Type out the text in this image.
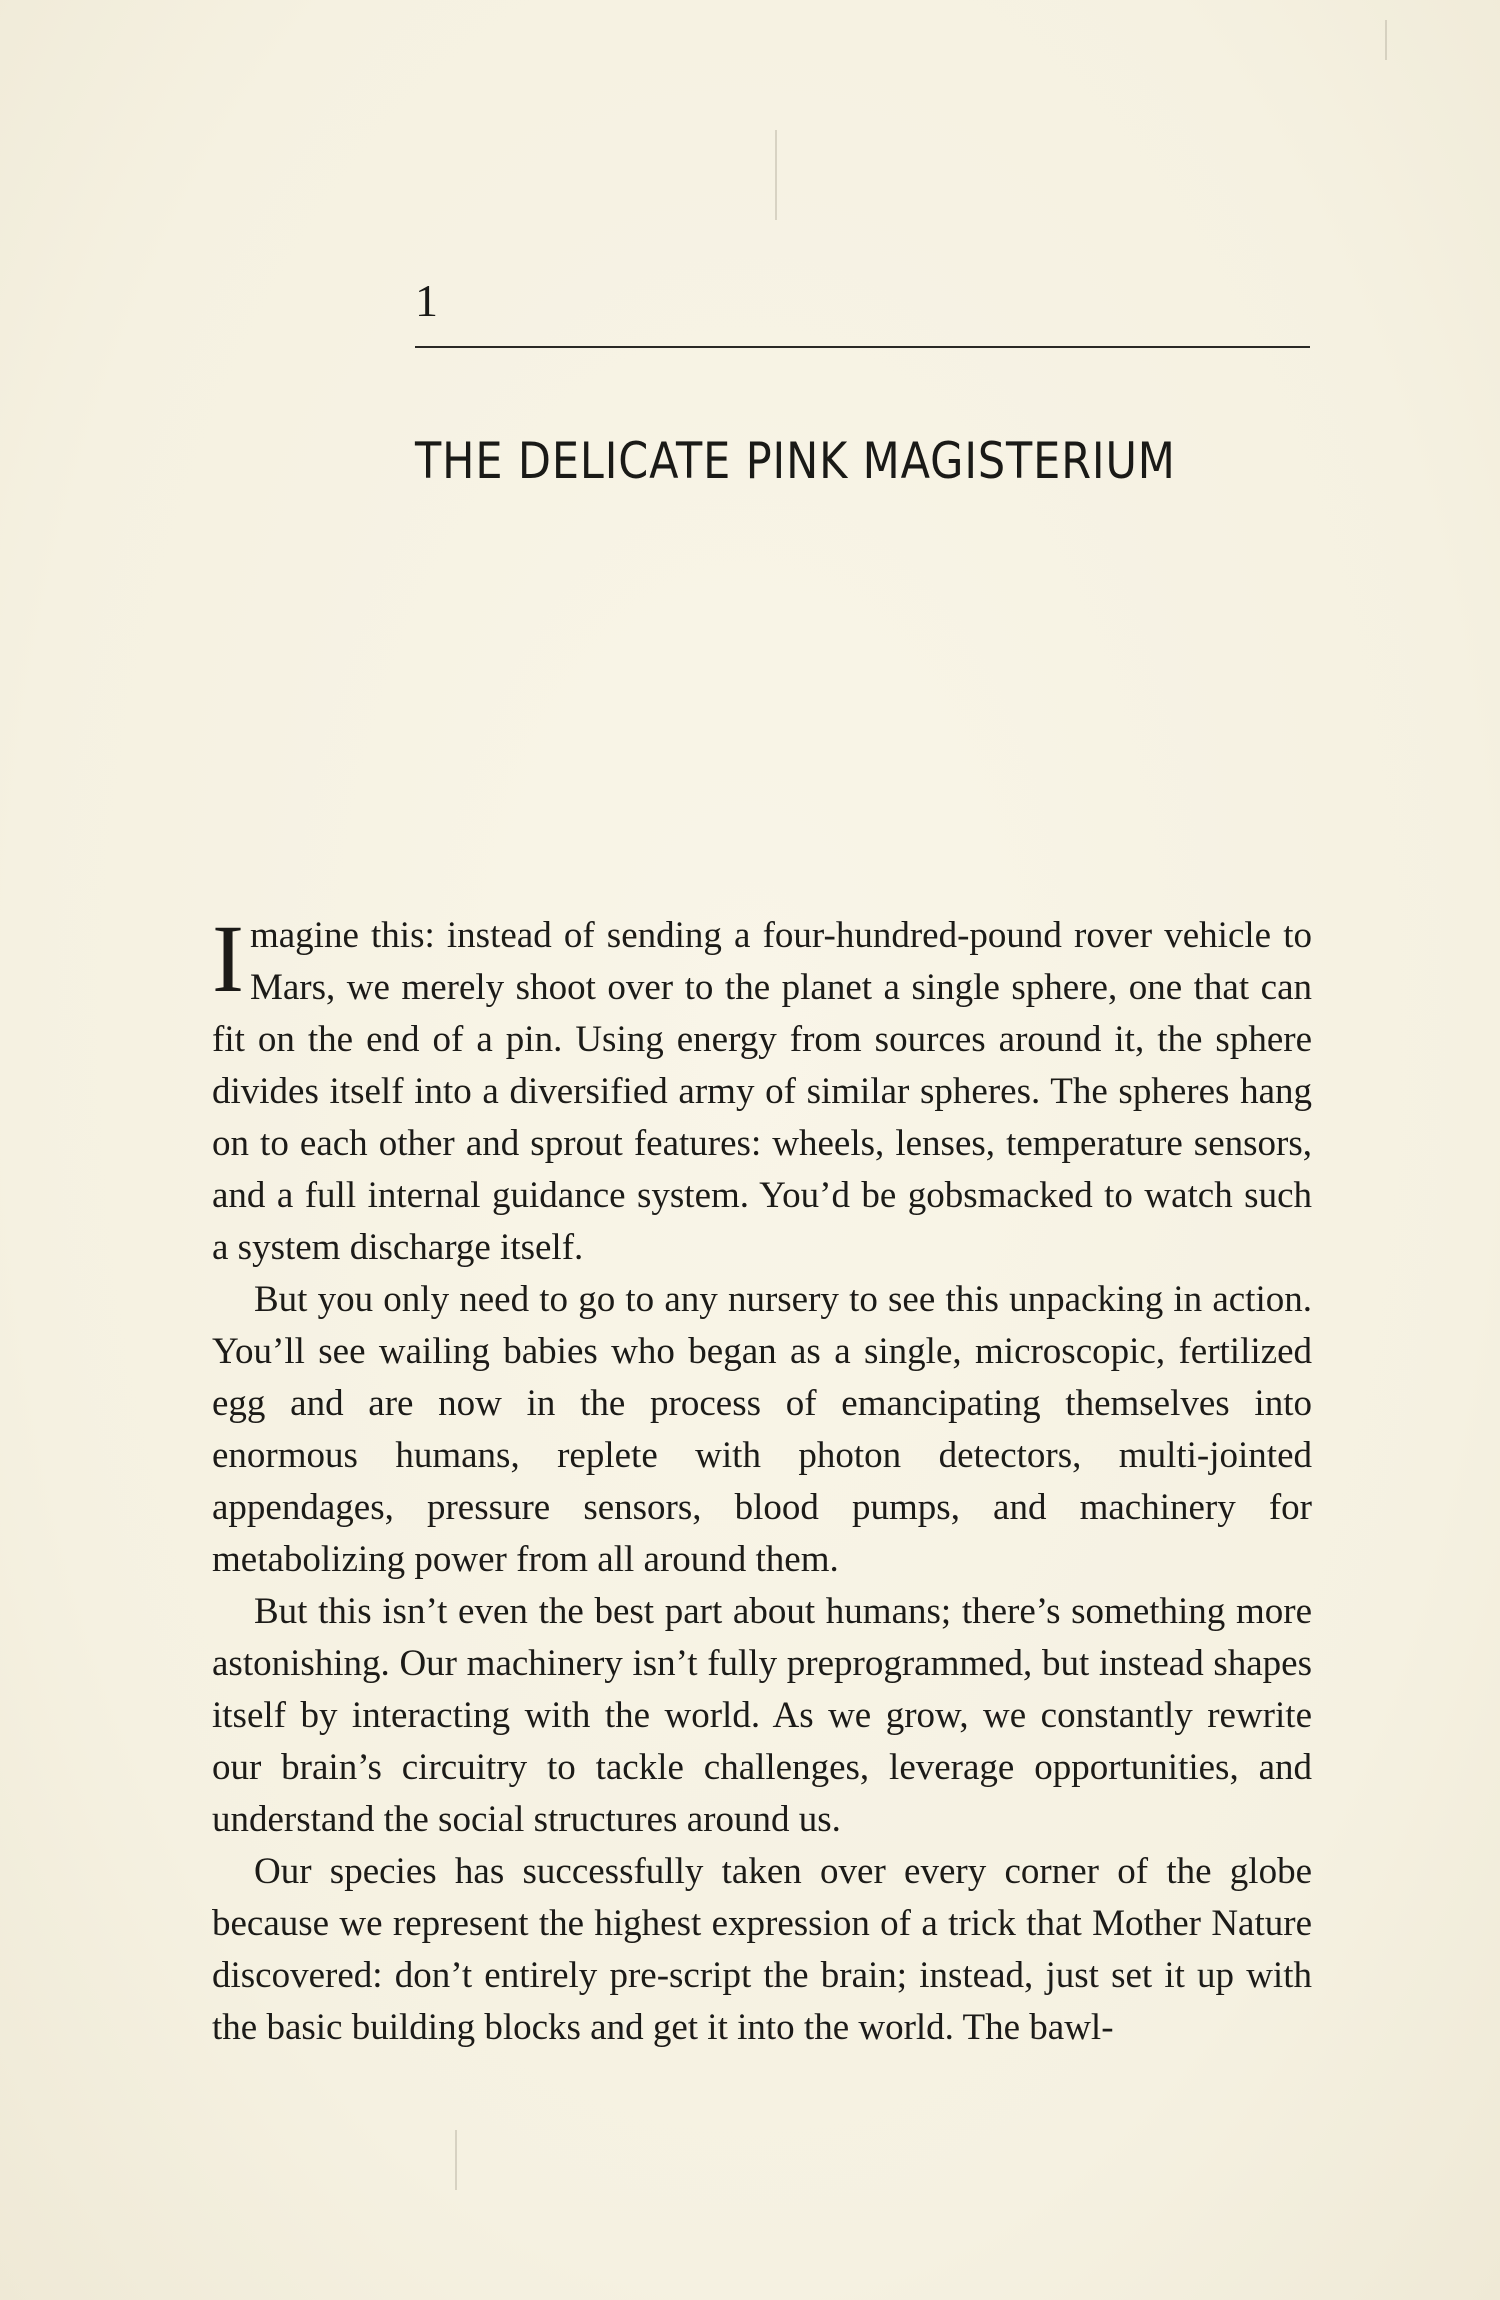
1
THE DELICATE PINK MAGISTERIUM

Imagine this: instead of sending a four-hundred-pound rover vehicle to Mars, we merely shoot over to the planet a single sphere, one that can fit on the end of a pin. Using energy from sources around it, the sphere divides itself into a diversified army of similar spheres. The spheres hang on to each other and sprout features: wheels, lenses, temperature sensors, and a full internal guidance system. You’d be gobsmacked to watch such a system discharge itself.

But you only need to go to any nursery to see this unpacking in action. You’ll see wailing babies who began as a single, microscopic, fertilized egg and are now in the process of emancipating themselves into enormous humans, replete with photon detectors, multi-jointed appendages, pressure sensors, blood pumps, and machinery for metabolizing power from all around them.

But this isn’t even the best part about humans; there’s something more astonishing. Our machinery isn’t fully preprogrammed, but instead shapes itself by interacting with the world. As we grow, we constantly rewrite our brain’s circuitry to tackle challenges, leverage opportunities, and understand the social structures around us.

Our species has successfully taken over every corner of the globe because we represent the highest expression of a trick that Mother Nature discovered: don’t entirely pre-script the brain; instead, just set it up with the basic building blocks and get it into the world. The bawl-
